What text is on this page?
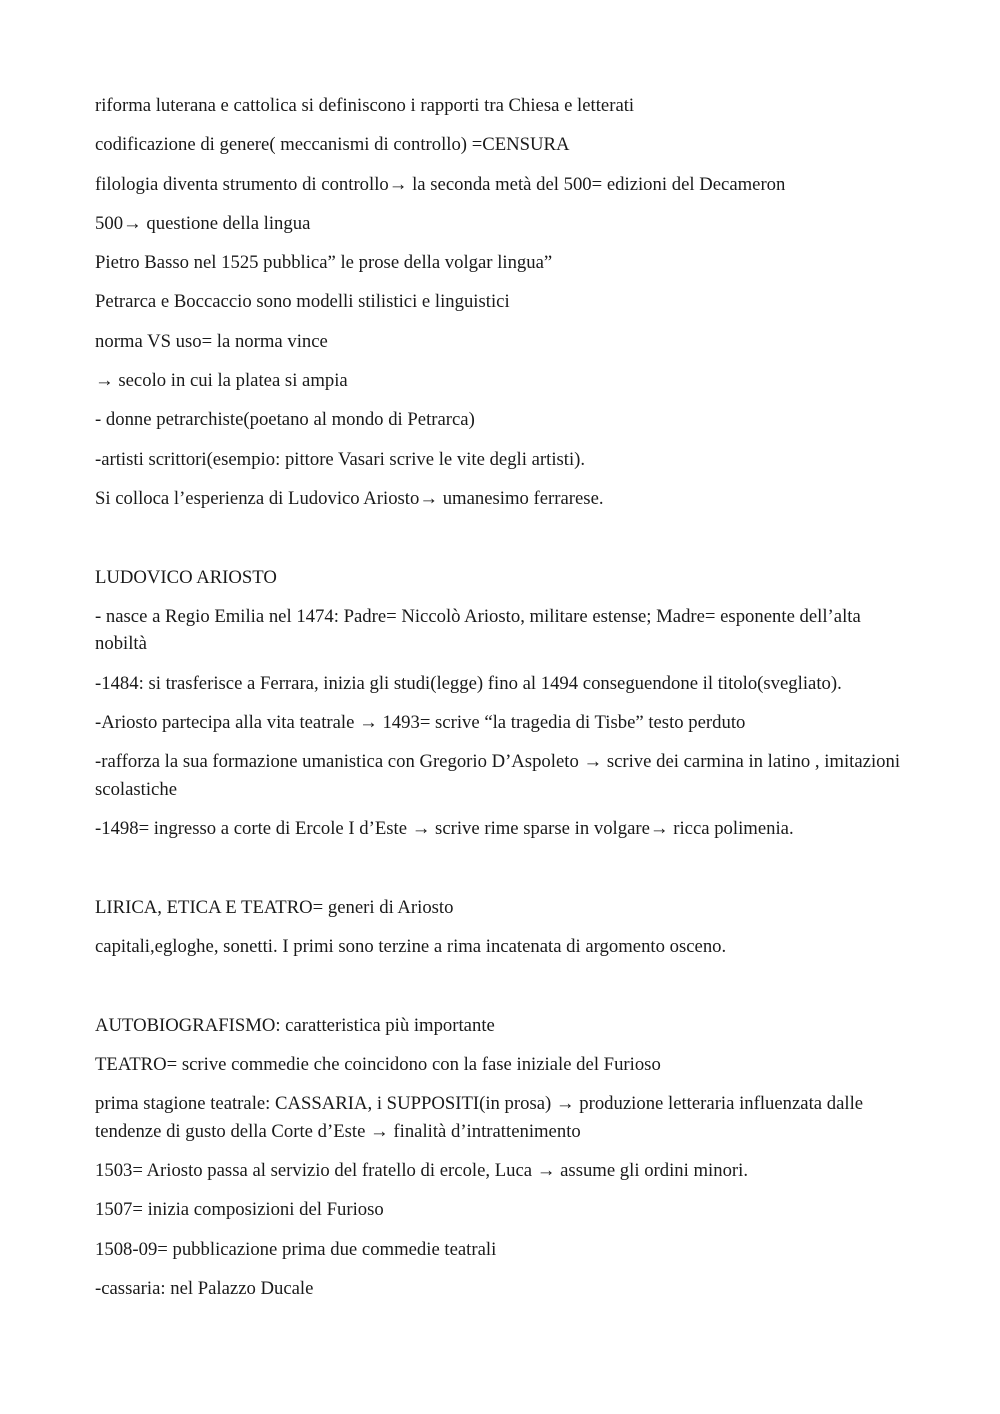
riforma luterana e cattolica si definiscono i rapporti tra Chiesa e letterati

codificazione di genere( meccanismi di controllo) =CENSURA

filologia diventa strumento di controllo→ la seconda metà del 500= edizioni del Decameron

500→ questione della lingua

Pietro Basso nel 1525 pubblica” le prose della volgar lingua”

Petrarca e Boccaccio sono modelli stilistici e linguistici

norma VS uso= la norma vince

→ secolo in cui la platea si ampia

- donne petrarchiste(poetano al mondo di Petrarca)

-artisti scrittori(esempio: pittore Vasari scrive le vite degli artisti).

Si colloca l’esperienza di Ludovico Ariosto→ umanesimo ferrarese.

LUDOVICO ARIOSTO

- nasce a Regio Emilia nel 1474: Padre= Niccolò Ariosto, militare estense; Madre= esponente dell’alta nobiltà

-1484: si trasferisce a Ferrara, inizia gli studi(legge) fino al 1494 conseguendone il titolo(svegliato).

-Ariosto partecipa alla vita teatrale → 1493= scrive “la tragedia di Tisbe” testo perduto

-rafforza la sua formazione umanistica con Gregorio D’Aspoleto → scrive dei carmina in latino , imitazioni scolastiche

-1498= ingresso a corte di Ercole I d’Este → scrive rime sparse in volgare→ ricca polimenia.

LIRICA, ETICA E TEATRO= generi di Ariosto

capitali,egloghe, sonetti. I primi sono terzine a rima incatenata di argomento osceno.

AUTOBIOGRAFISMO: caratteristica più importante

TEATRO= scrive commedie che coincidono con la fase iniziale del Furioso

prima stagione teatrale: CASSARIA, i SUPPOSITI(in prosa) → produzione letteraria influenzata dalle tendenze di gusto della Corte d’Este → finalità d’intrattenimento

1503= Ariosto passa al servizio del fratello di ercole, Luca → assume gli ordini minori.

1507= inizia composizioni del Furioso

1508-09= pubblicazione prima due commedie teatrali

-cassaria: nel Palazzo Ducale
